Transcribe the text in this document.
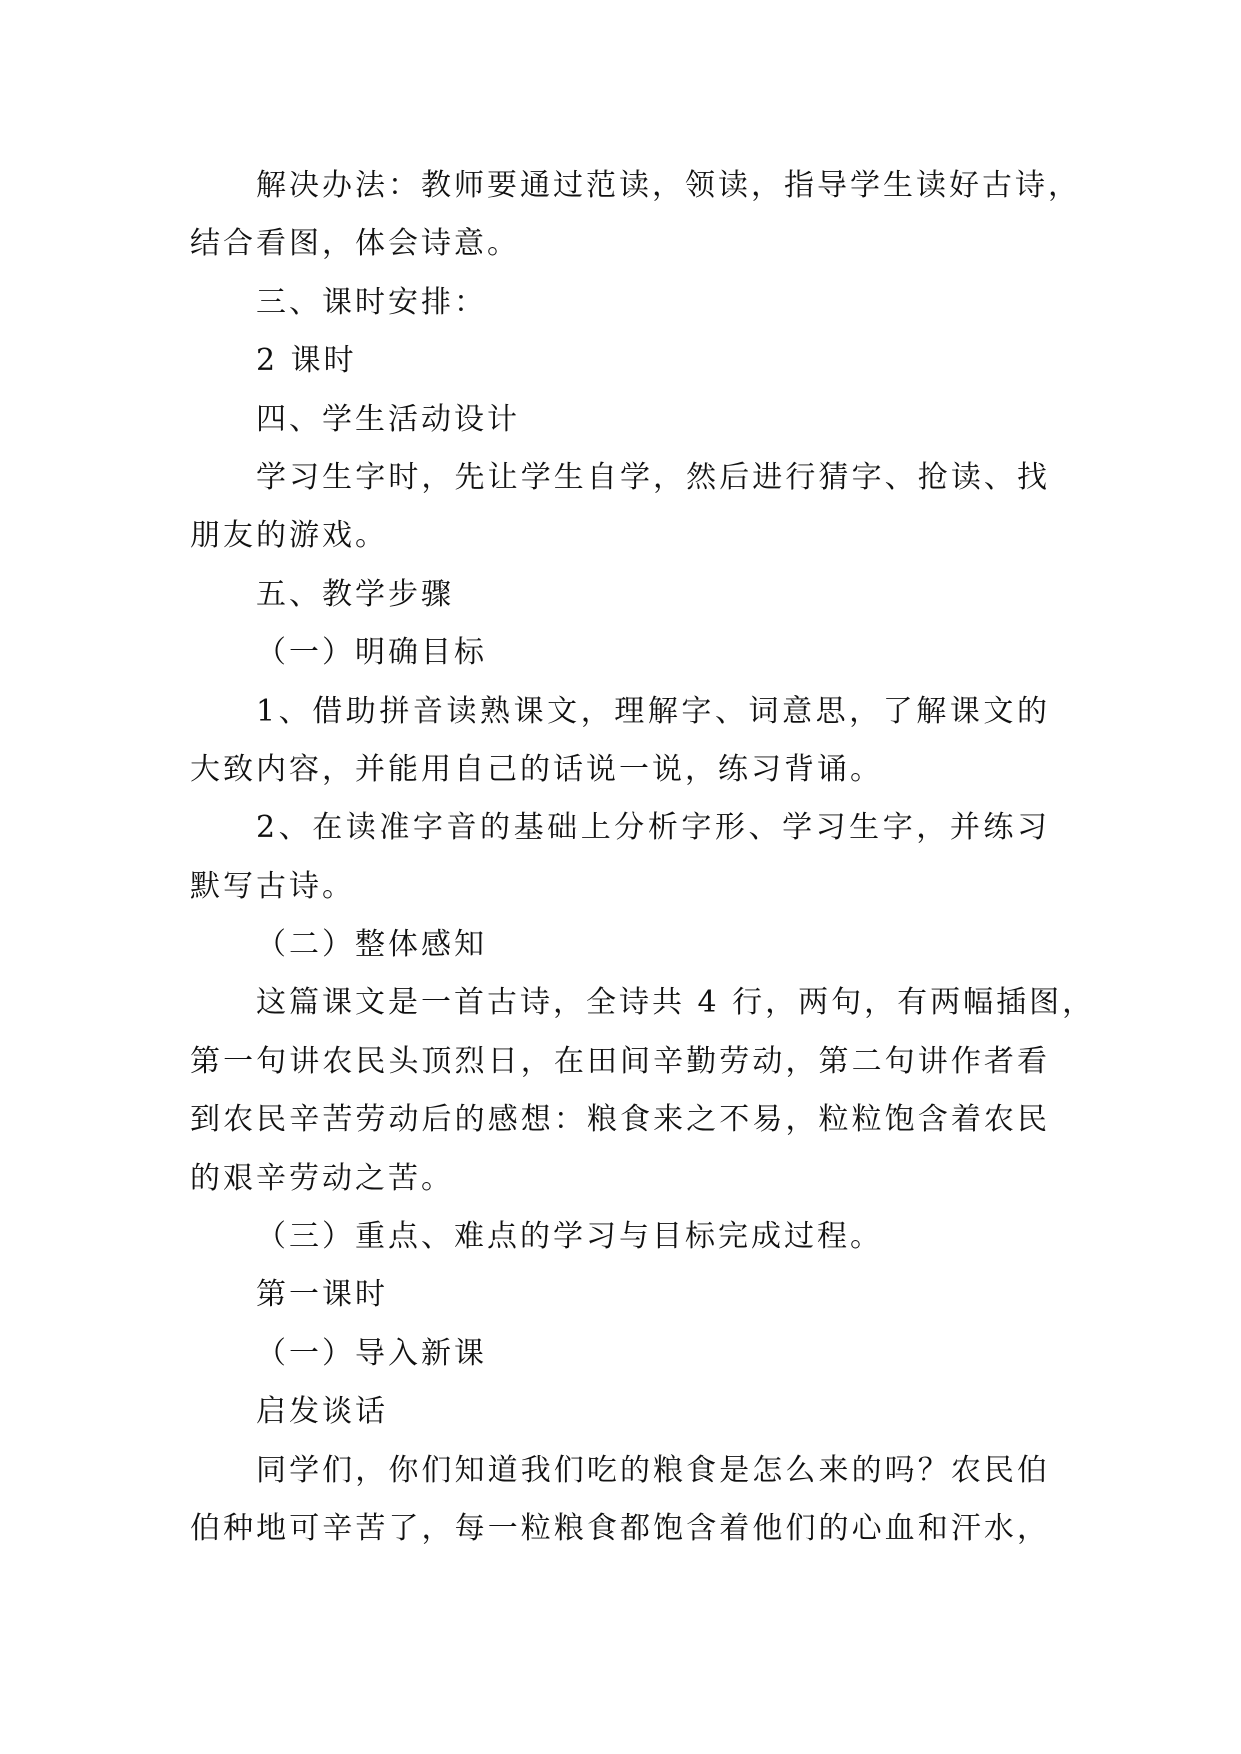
解决办法：教师要通过范读，领读，指导学生读好古诗，
结合看图，体会诗意。
三、课时安排：
2 课时
四、学生活动设计
学习生字时，先让学生自学，然后进行猜字、抢读、找
朋友的游戏。
五、教学步骤
（一）明确目标
1、借助拼音读熟课文，理解字、词意思，了解课文的
大致内容，并能用自己的话说一说，练习背诵。
2、在读准字音的基础上分析字形、学习生字，并练习
默写古诗。
（二）整体感知
这篇课文是一首古诗，全诗共 4 行，两句，有两幅插图，
第一句讲农民头顶烈日，在田间辛勤劳动，第二句讲作者看
到农民辛苦劳动后的感想：粮食来之不易，粒粒饱含着农民
的艰辛劳动之苦。
（三）重点、难点的学习与目标完成过程。
第一课时
（一）导入新课
启发谈话
同学们，你们知道我们吃的粮食是怎么来的吗？农民伯
伯种地可辛苦了，每一粒粮食都饱含着他们的心血和汗水，
